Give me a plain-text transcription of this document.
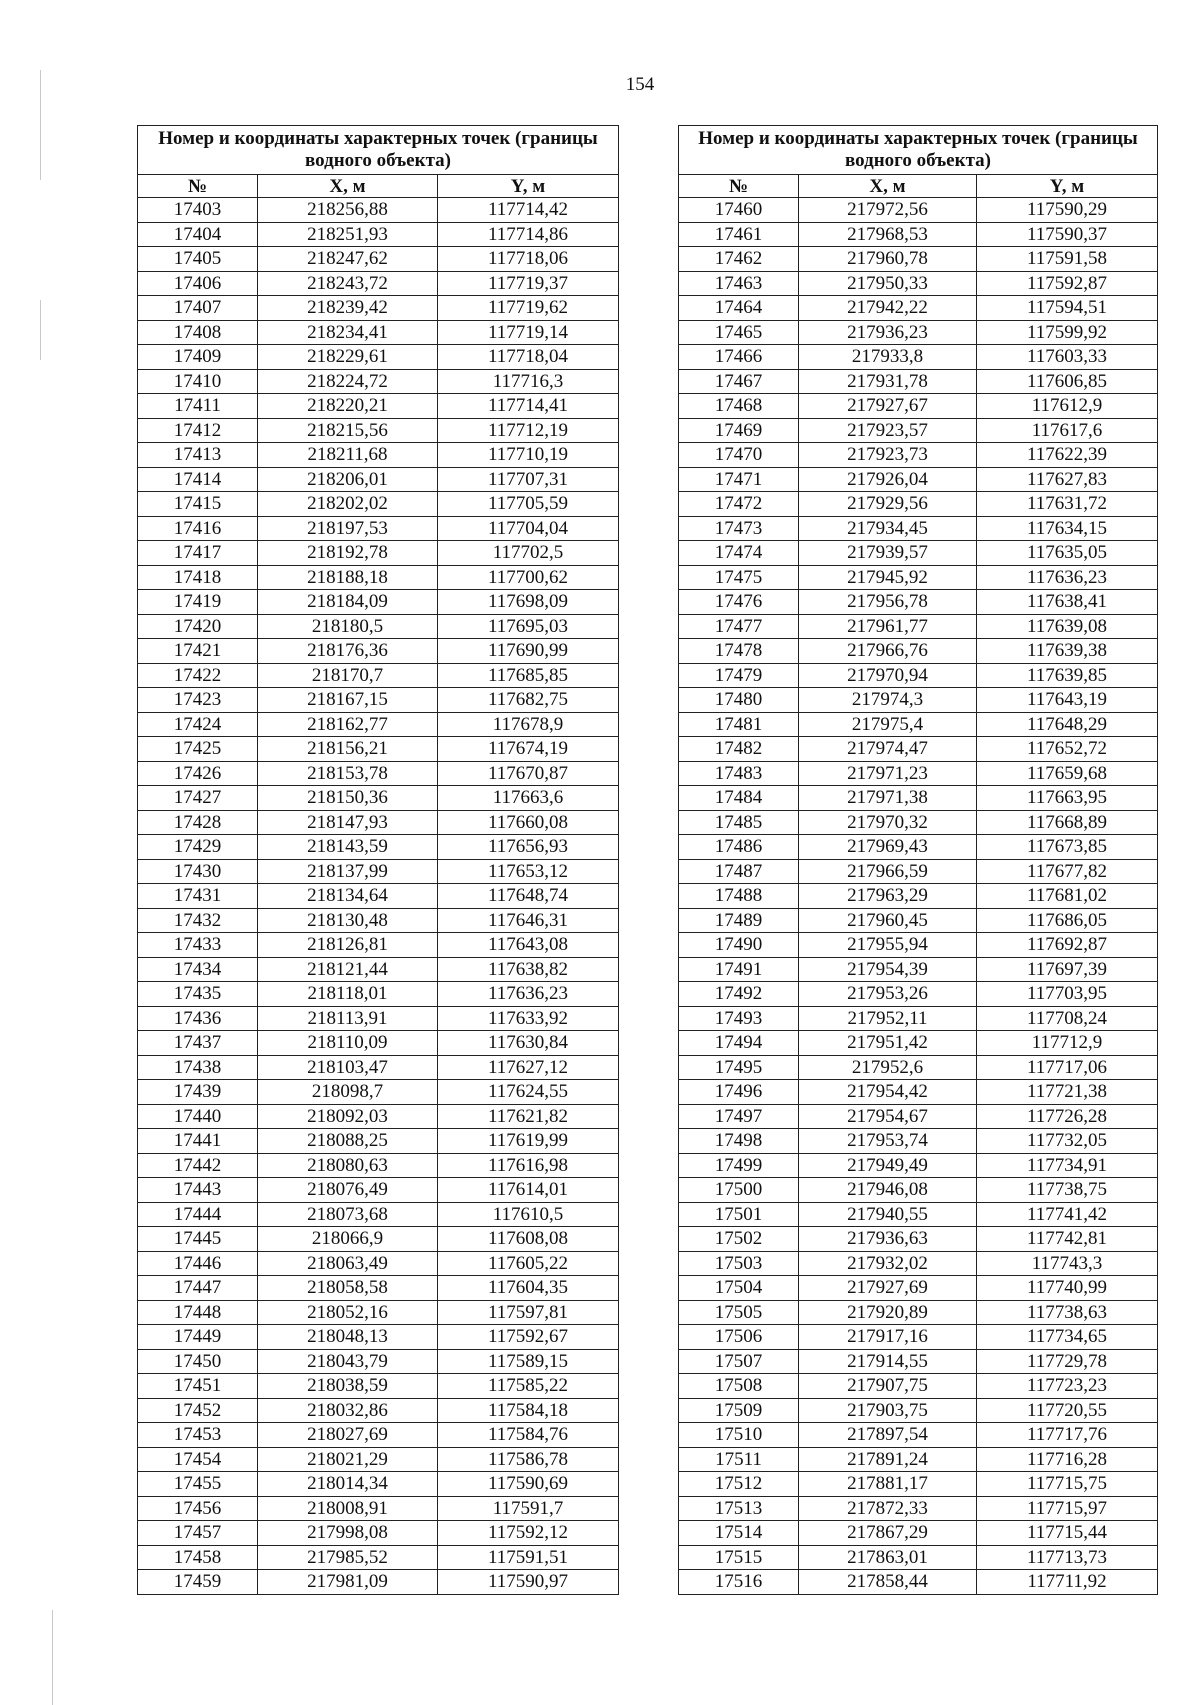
154
Номер и координаты характерных точек (границы водного объекта)		
№	X, м	Y, м
17403	218256,88	117714,42
17404	218251,93	117714,86
17405	218247,62	117718,06
17406	218243,72	117719,37
17407	218239,42	117719,62
17408	218234,41	117719,14
17409	218229,61	117718,04
17410	218224,72	117716,3
17411	218220,21	117714,41
17412	218215,56	117712,19
17413	218211,68	117710,19
17414	218206,01	117707,31
17415	218202,02	117705,59
17416	218197,53	117704,04
17417	218192,78	117702,5
17418	218188,18	117700,62
17419	218184,09	117698,09
17420	218180,5	117695,03
17421	218176,36	117690,99
17422	218170,7	117685,85
17423	218167,15	117682,75
17424	218162,77	117678,9
17425	218156,21	117674,19
17426	218153,78	117670,87
17427	218150,36	117663,6
17428	218147,93	117660,08
17429	218143,59	117656,93
17430	218137,99	117653,12
17431	218134,64	117648,74
17432	218130,48	117646,31
17433	218126,81	117643,08
17434	218121,44	117638,82
17435	218118,01	117636,23
17436	218113,91	117633,92
17437	218110,09	117630,84
17438	218103,47	117627,12
17439	218098,7	117624,55
17440	218092,03	117621,82
17441	218088,25	117619,99
17442	218080,63	117616,98
17443	218076,49	117614,01
17444	218073,68	117610,5
17445	218066,9	117608,08
17446	218063,49	117605,22
17447	218058,58	117604,35
17448	218052,16	117597,81
17449	218048,13	117592,67
17450	218043,79	117589,15
17451	218038,59	117585,22
17452	218032,86	117584,18
17453	218027,69	117584,76
17454	218021,29	117586,78
17455	218014,34	117590,69
17456	218008,91	117591,7
17457	217998,08	117592,12
17458	217985,52	117591,51
17459	217981,09	117590,97
Номер и координаты характерных точек (границы водного объекта)		
№	X, м	Y, м
17460	217972,56	117590,29
17461	217968,53	117590,37
17462	217960,78	117591,58
17463	217950,33	117592,87
17464	217942,22	117594,51
17465	217936,23	117599,92
17466	217933,8	117603,33
17467	217931,78	117606,85
17468	217927,67	117612,9
17469	217923,57	117617,6
17470	217923,73	117622,39
17471	217926,04	117627,83
17472	217929,56	117631,72
17473	217934,45	117634,15
17474	217939,57	117635,05
17475	217945,92	117636,23
17476	217956,78	117638,41
17477	217961,77	117639,08
17478	217966,76	117639,38
17479	217970,94	117639,85
17480	217974,3	117643,19
17481	217975,4	117648,29
17482	217974,47	117652,72
17483	217971,23	117659,68
17484	217971,38	117663,95
17485	217970,32	117668,89
17486	217969,43	117673,85
17487	217966,59	117677,82
17488	217963,29	117681,02
17489	217960,45	117686,05
17490	217955,94	117692,87
17491	217954,39	117697,39
17492	217953,26	117703,95
17493	217952,11	117708,24
17494	217951,42	117712,9
17495	217952,6	117717,06
17496	217954,42	117721,38
17497	217954,67	117726,28
17498	217953,74	117732,05
17499	217949,49	117734,91
17500	217946,08	117738,75
17501	217940,55	117741,42
17502	217936,63	117742,81
17503	217932,02	117743,3
17504	217927,69	117740,99
17505	217920,89	117738,63
17506	217917,16	117734,65
17507	217914,55	117729,78
17508	217907,75	117723,23
17509	217903,75	117720,55
17510	217897,54	117717,76
17511	217891,24	117716,28
17512	217881,17	117715,75
17513	217872,33	117715,97
17514	217867,29	117715,44
17515	217863,01	117713,73
17516	217858,44	117711,92
